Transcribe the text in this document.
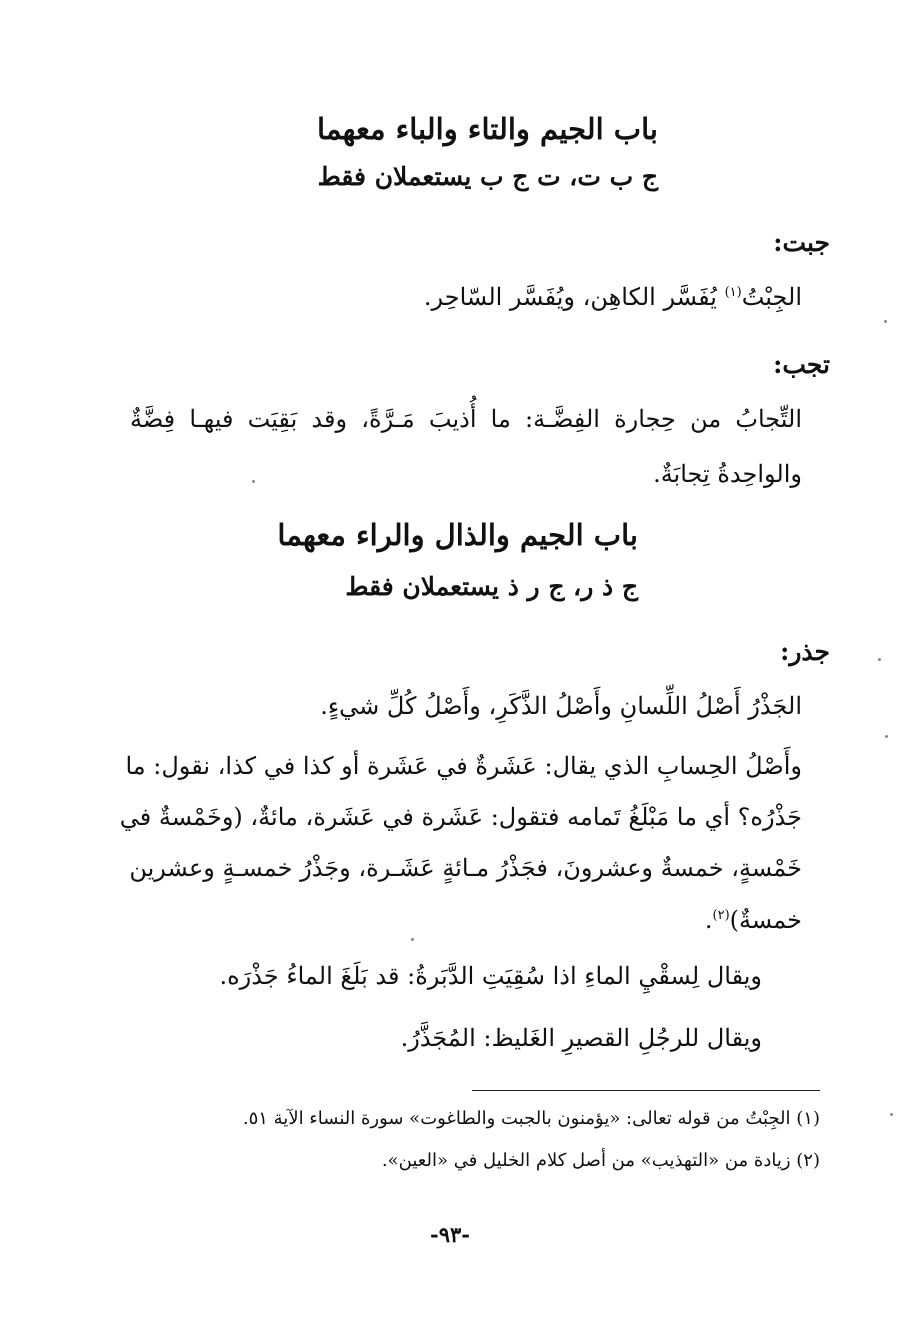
باب الجيم والتاء والباء معهما
ج ب ت، ت ج ب يستعملان فقط
جبت:
الجِبْتُ$^{(١)}$ يُفَسَّر الكاهِن، ويُفَسَّر السّاحِر.
تجب:
التِّجابُ من حِجارة الفِضَّـة: ما أُذيبَ مَـرَّةً، وقد بَقِيَت فيهـا فِضَّةٌ
والواحِدةُ تِجابَةٌ.
باب الجيم والذال والراء معهما
ج ذ ر، ج ر ذ يستعملان فقط
جذر:
الجَذْرُ أَصْلُ اللِّسانِ وأَصْلُ الذَّكَرِ، وأَصْلُ كُلِّ شيءٍ.
وأَصْلُ الحِسابِ الذي يقال: عَشَرةٌ في عَشَرة أو كذا في كذا، نقول: ما
جَذْرُه؟ أي ما مَبْلَغُ تَمامه فتقول: عَشَرة في عَشَرة، مائةٌ، (وخَمْسةٌ في
خَمْسةٍ، خمسةٌ وعشرونَ، فجَذْرُ مـائةٍ عَشَـرة، وجَذْرُ خمسـةٍ وعشرين
خمسةٌ)$^{(٢)}$.
ويقال لِسقْيِ الماءِ اذا سُقِيَتِ الدَّبَرةُ: قد بَلَغَ الماءُ جَذْرَه.
ويقال للرجُلِ القصيرِ الغَليظ: المُجَذَّرُ.
(١) الجِبْتُ من قوله تعالى: «يؤمنون بالجبت والطاغوت» سورة النساء الآية ٥١.
(٢) زيادة من «التهذيب» من أصل كلام الخليل في «العين».
-٩٣-
